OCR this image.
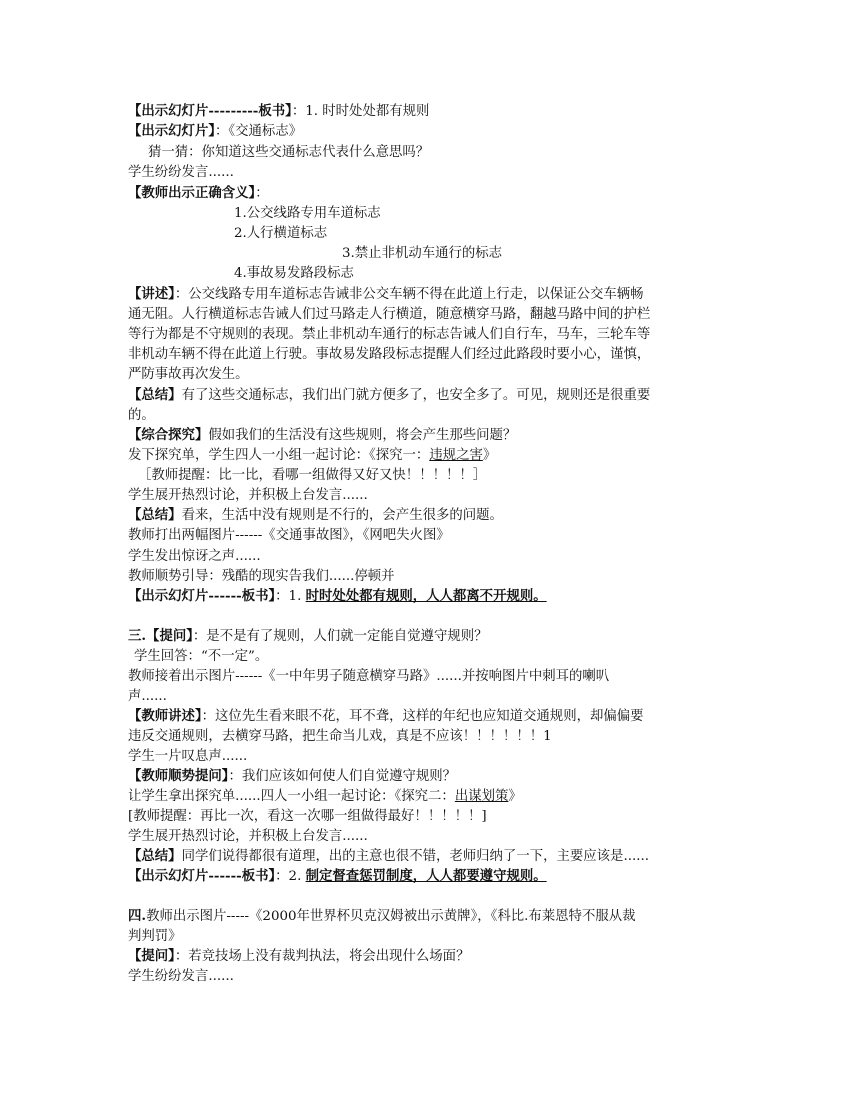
【出示幻灯片---------板书】：1. 时时处处都有规则
【出示幻灯片】：《交通标志》
猜一猜：你知道这些交通标志代表什么意思吗？
学生纷纷发言......
【教师出示正确含义】：
1.公交线路专用车道标志
2.人行横道标志
3.禁止非机动车通行的标志
4.事故易发路段标志
【讲述】：公交线路专用车道标志告诫非公交车辆不得在此道上行走，以保证公交车辆畅
通无阻。人行横道标志告诫人们过马路走人行横道，随意横穿马路，翻越马路中间的护栏
等行为都是不守规则的表现。禁止非机动车通行的标志告诫人们自行车，马车，三轮车等
非机动车辆不得在此道上行驶。事故易发路段标志提醒人们经过此路段时要小心，谨慎，
严防事故再次发生。
【总结】有了这些交通标志，我们出门就方便多了，也安全多了。可见，规则还是很重要
的。
【综合探究】假如我们的生活没有这些规则，将会产生那些问题？
发下探究单，学生四人一小组一起讨论：《探究一：违规之害》
［教师提醒：比一比，看哪一组做得又好又快！！！！！］
学生展开热烈讨论，并积极上台发言......
【总结】看来，生活中没有规则是不行的，会产生很多的问题。
教师打出两幅图片------《交通事故图》，《网吧失火图》
学生发出惊讶之声......
教师顺势引导：残酷的现实告我们......停顿并
【出示幻灯片------板书】：1. 时时处处都有规则，人人都离不开规则。
三.【提问】：是不是有了规则，人们就一定能自觉遵守规则？
学生回答：“不一定”。
教师接着出示图片------《一中年男子随意横穿马路》......并按响图片中刺耳的喇叭
声......
【教师讲述】：这位先生看来眼不花，耳不聋，这样的年纪也应知道交通规则，却偏偏要
违反交通规则，去横穿马路，把生命当儿戏，真是不应该！！！！！！1
学生一片叹息声......
【教师顺势提问】：我们应该如何使人们自觉遵守规则？
让学生拿出探究单......四人一小组一起讨论：《探究二：出谋划策》
[教师提醒：再比一次，看这一次哪一组做得最好！！！！！]
学生展开热烈讨论，并积极上台发言......
【总结】同学们说得都很有道理，出的主意也很不错，老师归纳了一下，主要应该是......
【出示幻灯片------板书】：2. 制定督查惩罚制度，人人都要遵守规则。
四.教师出示图片-----《2000年世界杯贝克汉姆被出示黄牌》，《科比.布莱恩特不服从裁
判判罚》
【提问】：若竞技场上没有裁判执法，将会出现什么场面？
学生纷纷发言......
